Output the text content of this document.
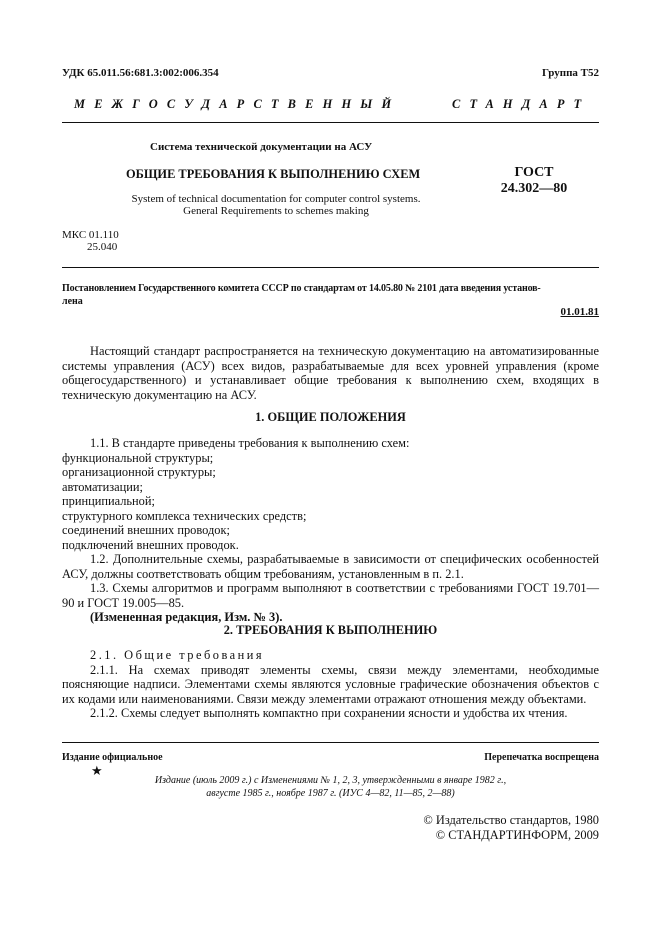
УДК 65.011.56:681.3:002:006.354	Группа Т52
МЕЖГОСУДАРСТВЕННЫЙ	СТАНДАРТ
Система технической документации на АСУ
ОБЩИЕ ТРЕБОВАНИЯ К ВЫПОЛНЕНИЮ СХЕМ
System of technical documentation for computer control systems.
General Requirements to schemes making
ГОСТ
24.302—80
МКС 01.110
25.040
Постановлением Государственного комитета СССР по стандартам от 14.05.80 № 2101 дата введения установ-
лена
01.01.81

Настоящий стандарт распространяется на техническую документацию на автоматизированные системы управления (АСУ) всех видов, разрабатываемые для всех уровней управления (кроме общегосударственного) и устанавливает общие требования к выполнению схем, входящих в техническую документацию на АСУ.

1. ОБЩИЕ ПОЛОЖЕНИЯ
1.1. В стандарте приведены требования к выполнению схем:
функциональной структуры;
организационной структуры;
автоматизации;
принципиальной;
структурного комплекса технических средств;
соединений внешних проводок;
подключений внешних проводок.

1.2. Дополнительные схемы, разрабатываемые в зависимости от специфических особенностей АСУ, должны соответствовать общим требованиям, установленным в п. 2.1.

1.3. Схемы алгоритмов и программ выполняют в соответствии с требованиями ГОСТ 19.701—90 и ГОСТ 19.005—85.

(Измененная редакция, Изм. № 3).
2. ТРЕБОВАНИЯ К ВЫПОЛНЕНИЮ
2.1. Общие требования

2.1.1. На схемах приводят элементы схемы, связи между элементами, необходимые поясняющие надписи. Элементами схемы являются условные графические обозначения объектов с их кодами или наименованиями. Связи между элементами отражают отношения между объектами.

2.1.2. Схемы следует выполнять компактно при сохранении ясности и удобства их чтения.

Издание официальное	Перепечатка воспрещена
★
Издание (июль 2009 г.) с Изменениями № 1, 2, 3, утвержденными в январе 1982 г.,
августе 1985 г., ноябре 1987 г. (ИУС 4—82, 11—85, 2—88)
© Издательство стандартов, 1980
© СТАНДАРТИНФОРМ, 2009
